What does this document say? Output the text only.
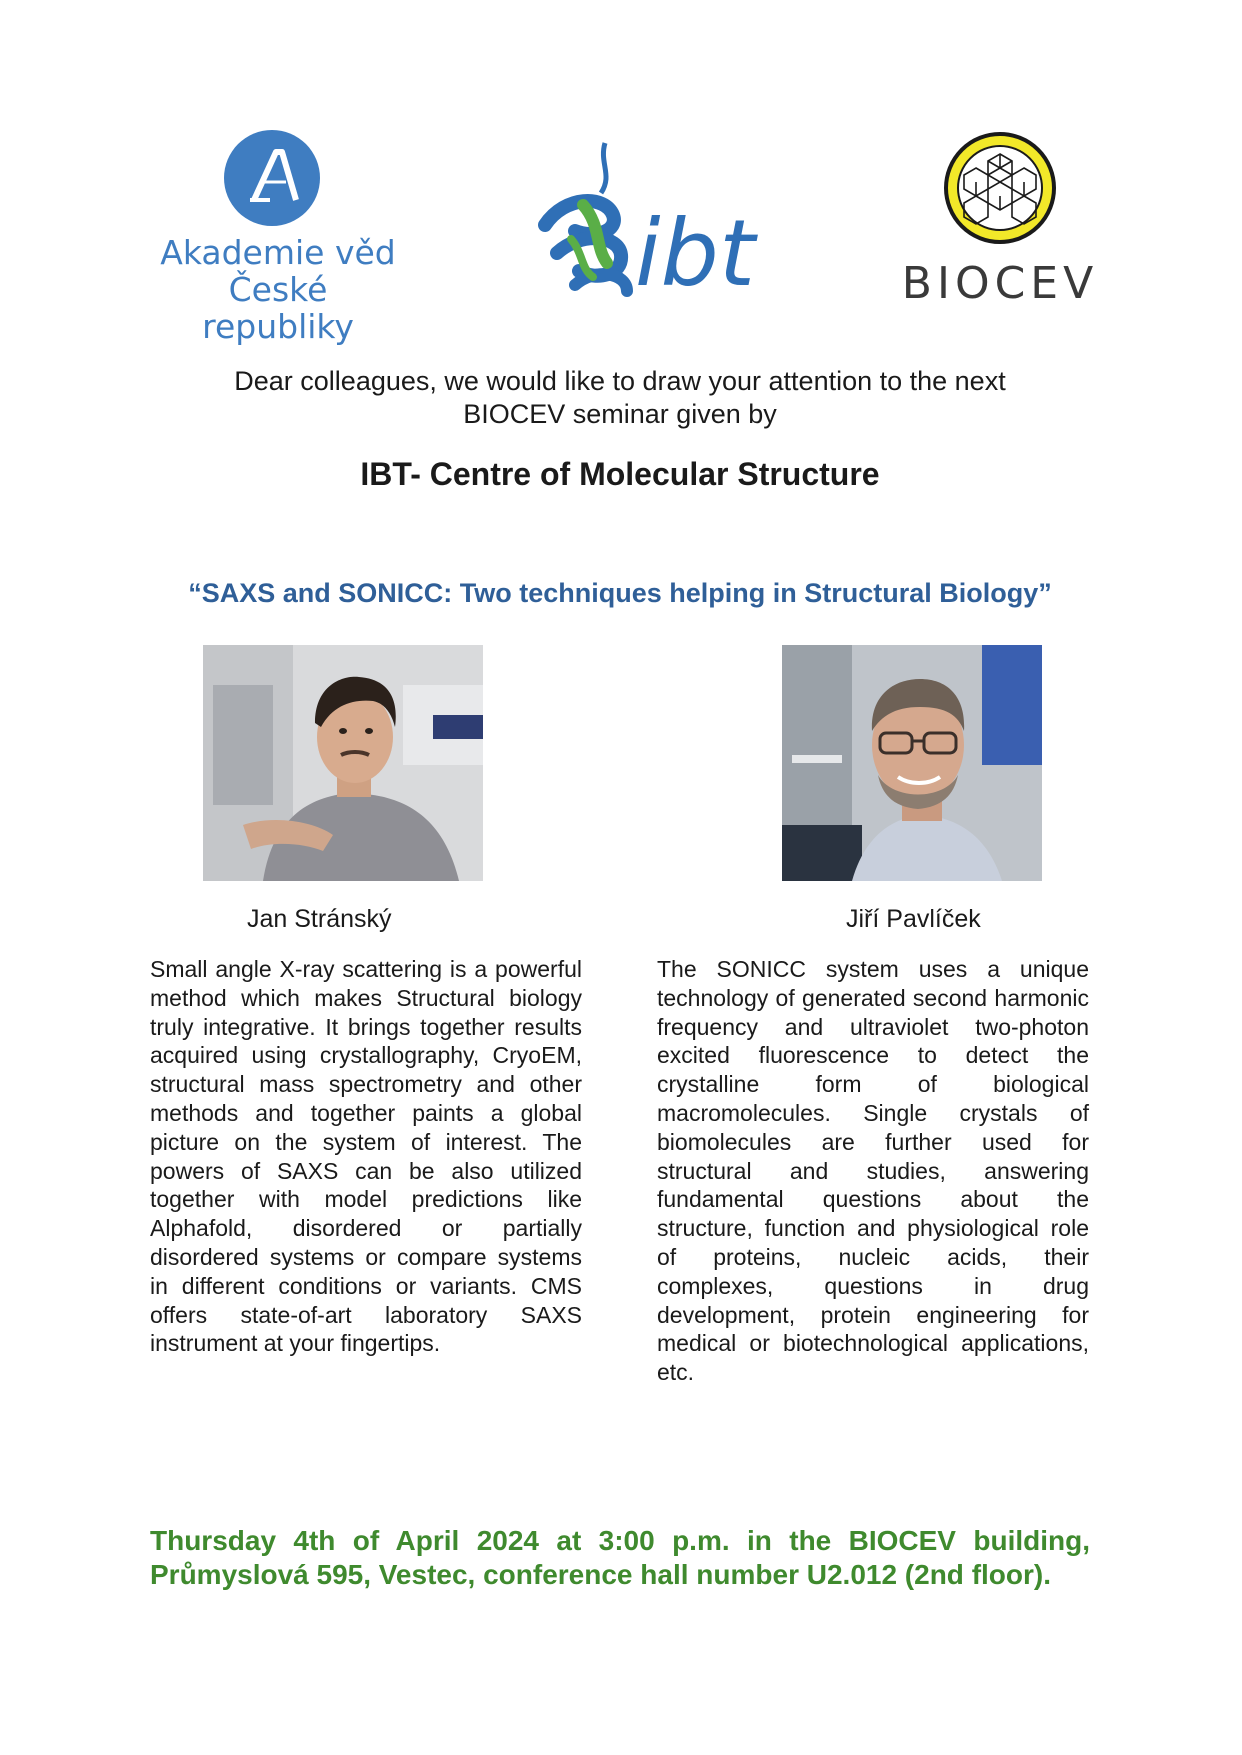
Akademie věd
České republiky
ibt	BIOCEV
Dear colleagues, we would like to draw your attention to the next
BIOCEV seminar given by
IBT- Centre of Molecular Structure
“SAXS and SONICC: Two techniques helping in Structural Biology”
Jan Stránský	Jiří Pavlíček
Small angle X-ray scattering is a powerful method which makes Structural biology truly integrative. It brings together results acquired using crystallography, CryoEM, structural mass spectrometry and other methods and together paints a global picture on the system of interest. The powers of SAXS can be also utilized together with model predictions like Alphafold, disordered or partially disordered systems or compare systems in different conditions or variants. CMS offers state-of-art laboratory SAXS instrument at your fingertips.
The SONICC system uses a unique technology of generated second harmonic frequency and ultraviolet two-photon excited fluorescence to detect the crystalline form of biological macromolecules. Single crystals of biomolecules are further used for structural and studies, answering fundamental questions about the structure, function and physiological role of proteins, nucleic acids, their complexes, questions in drug development, protein engineering for medical or biotechnological applications, etc.
Thursday 4th of April 2024 at 3:00 p.m. in the BIOCEV building,
Průmyslová 595, Vestec, conference hall number U2.012 (2nd floor).
